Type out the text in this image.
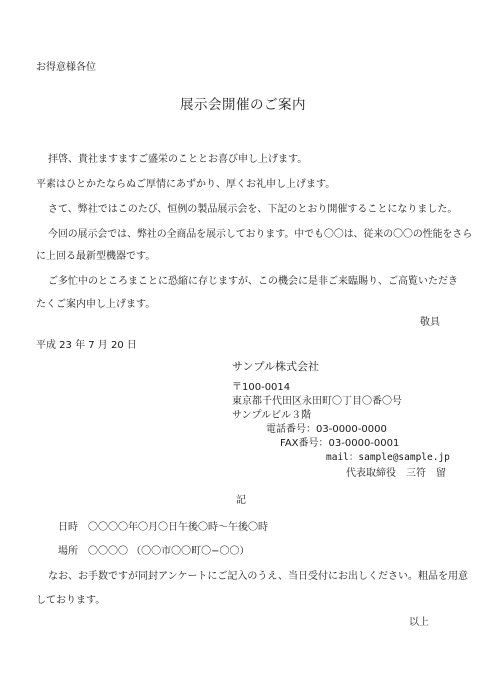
お得意様各位
展示会開催のご案内
拝啓、貴社ますますご盛栄のこととお喜び申し上げます。
平素はひとかたならぬご厚情にあずかり、厚くお礼申し上げます。
さて、弊社ではこのたび、恒例の製品展示会を、下記のとおり開催することになりました。
今回の展示会では、弊社の全商品を展示しております。中でも〇〇は、従来の〇〇の性能をさら
に上回る最新型機器です。
ご多忙中のところまことに恐縮に存じますが、この機会に是非ご来臨賜り、ご高覧いただき
たくご案内申し上げます。
敬具
平成 23 年 7 月 20 日
サンプル株式会社
〒100-0014
東京都千代田区永田町〇丁目〇番〇号
サンプルビル３階
電話番号：03-0000-0000
FAX番号：03-0000-0001
mail：sample@sample.jp
代表取締役　三符　留
記
日時 〇〇〇〇年〇月〇日午後〇時〜午後〇時
場所 〇〇〇〇 （〇〇市〇〇町〇−〇〇）
なお、お手数ですが同封アンケートにご記入のうえ、当日受付にお出しください。粗品を用意
しております。
以上
